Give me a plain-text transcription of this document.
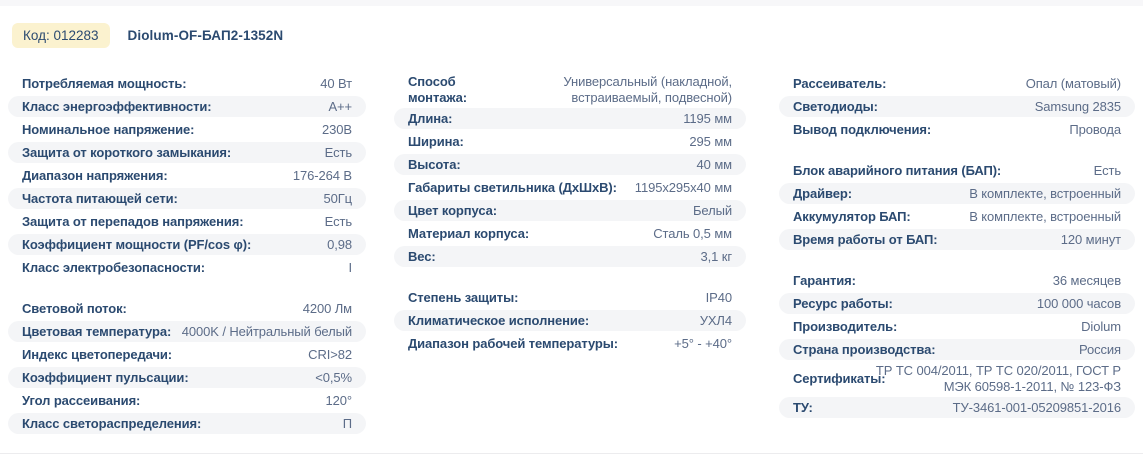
Код: 012283	Diolum-OF-БАП2-1352N
Потребляемая мощность:	40 Вт
Класс энергоэффективности:	A++
Номинальное напряжение:	230В
Защита от короткого замыкания:	Есть
Диапазон напряжения:	176-264 В
Частота питающей сети:	50Гц
Защита от перепадов напряжения:	Есть
Коэффициент мощности (PF/cos φ):	0,98
Класс электробезопасности:	I
Световой поток:	4200 Лм
Цветовая температура: 4000K / Нейтральный белый
Индекс цветопередачи:	CRI>82
Коэффициент пульсации:	<0,5%
Угол рассеивания:	120°
Класс светораспределения:	П
Способ монтажа:
Универсальный (накладной, встраиваемый, подвесной)
Длина:	1195 мм
Ширина:	295 мм
Высота:	40 мм
Габариты светильника (ДхШхВ): 1195x295x40 мм
Цвет корпуса:	Белый
Материал корпуса:	Сталь 0,5 мм
Вес:	3,1 кг
Степень защиты:	IP40
Климатическое исполнение:	УХЛ4
Диапазон рабочей температуры:	+5° - +40°
Рассеиватель:	Опал (матовый)
Светодиоды:	Samsung 2835
Вывод подключения:	Провода
Блок аварийного питания (БАП):	Есть
Драйвер:	В комплекте, встроенный
Аккумулятор БАП:	В комплекте, встроенный
Время работы от БАП:	120 минут
Гарантия:	36 месяцев
Ресурс работы:	100 000 часов
Производитель:	Diolum
Страна производства:	Россия
Сертификаты:
ТР ТС 004/2011, ТР ТС 020/2011, ГОСТ Р МЭК 60598-1-2011, № 123-ФЗ
ТУ:	ТУ-3461-001-05209851-2016
